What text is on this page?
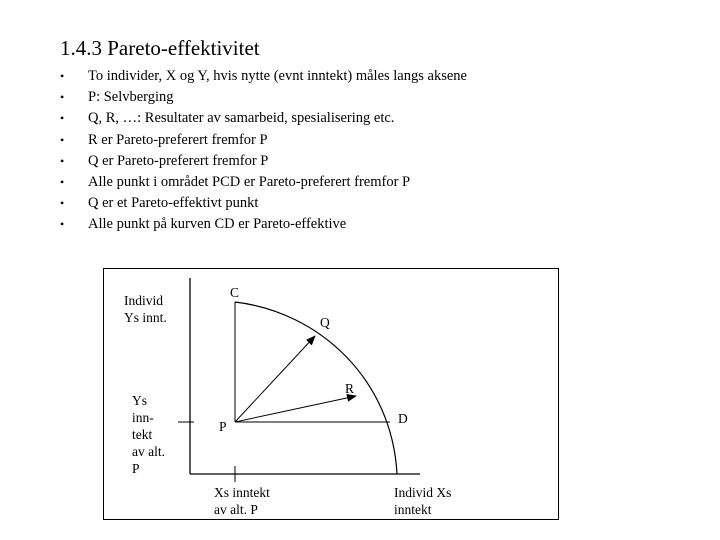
1.4.3 Pareto-effektivitet
• To individer, X og Y, hvis nytte (evnt inntekt) måles langs aksene
• P: Selvberging
• Q, R, …: Resultater av samarbeid, spesialisering etc.
• R er Pareto-preferert fremfor P
• Q er Pareto-preferert fremfor P
• Alle punkt i området PCD er Pareto-preferert fremfor P
• Q er et Pareto-effektivt punkt
• Alle punkt på kurven CD er Pareto-effektive
Individ
Ys innt.
Ys
inn-
tekt
av alt.
P
Xs inntekt
av alt. P
Individ Xs
inntekt
C
Q
R
P
D
